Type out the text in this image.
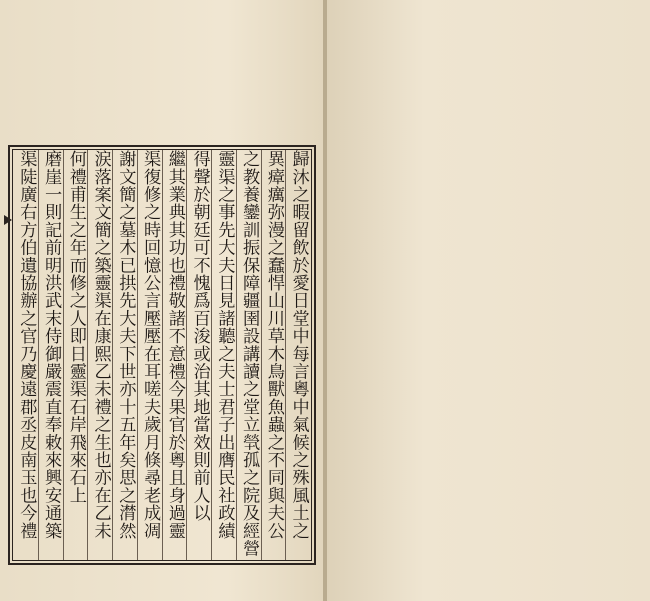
歸沐之暇留飲於愛日堂中每言粵中氣候之殊風土之
異瘴癘弥漫之蠢悍山川草木鳥獸魚蟲之不同與夫公
之教養鑾訓振保障疆圉設講讀之堂立煢孤之院及經營
靈渠之事先大夫日見諸聽之夫士君子出膺民社政績
得聲於朝廷可不愧爲百浚或治其地當效則前人以
繼其業典其功也禮敬諸不意禮今果官於粵且身過靈
渠復修之時回憶公言壓壓在耳嗟夫歲月倏尋老成凋
謝文簡之墓木已拱先大夫下世亦十五年矣思之潸然
涙落案文簡之築靈渠在康熙乙未禮之生也亦在乙未
何禮甫生之年而修之人即日靈渠石岸飛來石上
磨崖一則記前明洪武末侍御嚴震直奉敕來興安通築
渠陡廣右方伯遺協辦之官乃慶遠郡丞皮南玉也今禮
